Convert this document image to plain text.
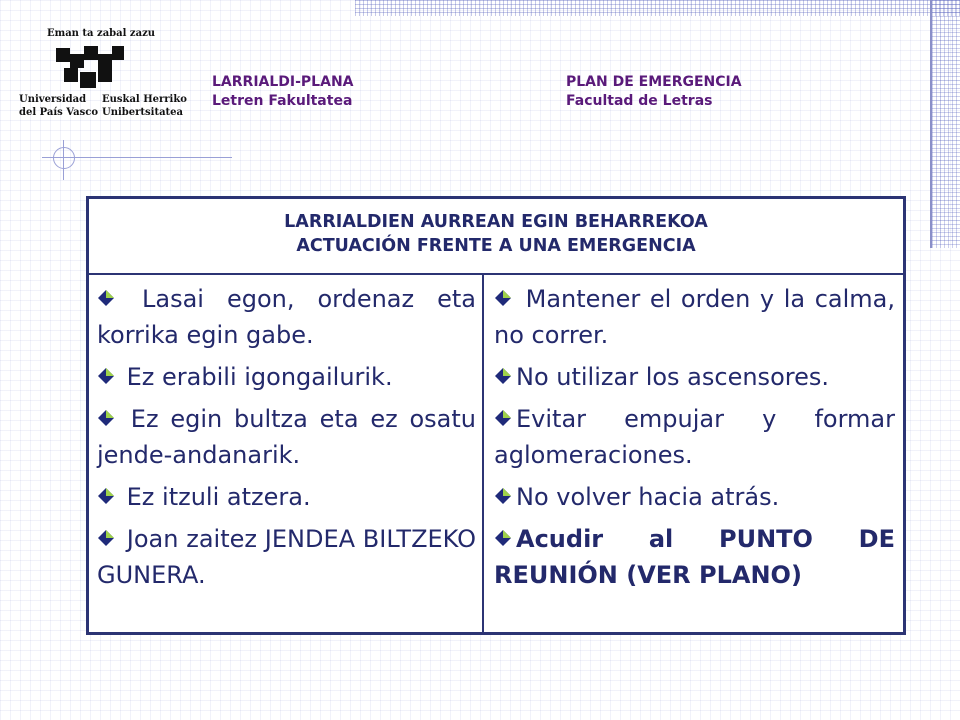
Eman ta zabal zazu
Universidad
del País Vasco
Euskal Herriko
Unibertsitatea
LARRIALDI-PLANA
Letren Fakultatea
PLAN DE EMERGENCIA
Facultad de Letras
LARRIALDIEN AURREAN EGIN BEHARREKOA
ACTUACIÓN FRENTE A UNA EMERGENCIA

Lasai egon, ordenaz eta korrika egin gabe.

Ez erabili igongailurik.

Ez egin bultza eta ez osatu jende-andanarik.

Ez itzuli atzera.

Joan zaitez JENDEA BILTZEKO GUNERA.

Mantener el orden y la calma, no correr.

No utilizar los ascensores.

Evitar empujar y formar aglomeraciones.

No volver hacia atrás.

Acudir al PUNTO DE REUNIÓN (VER PLANO)
